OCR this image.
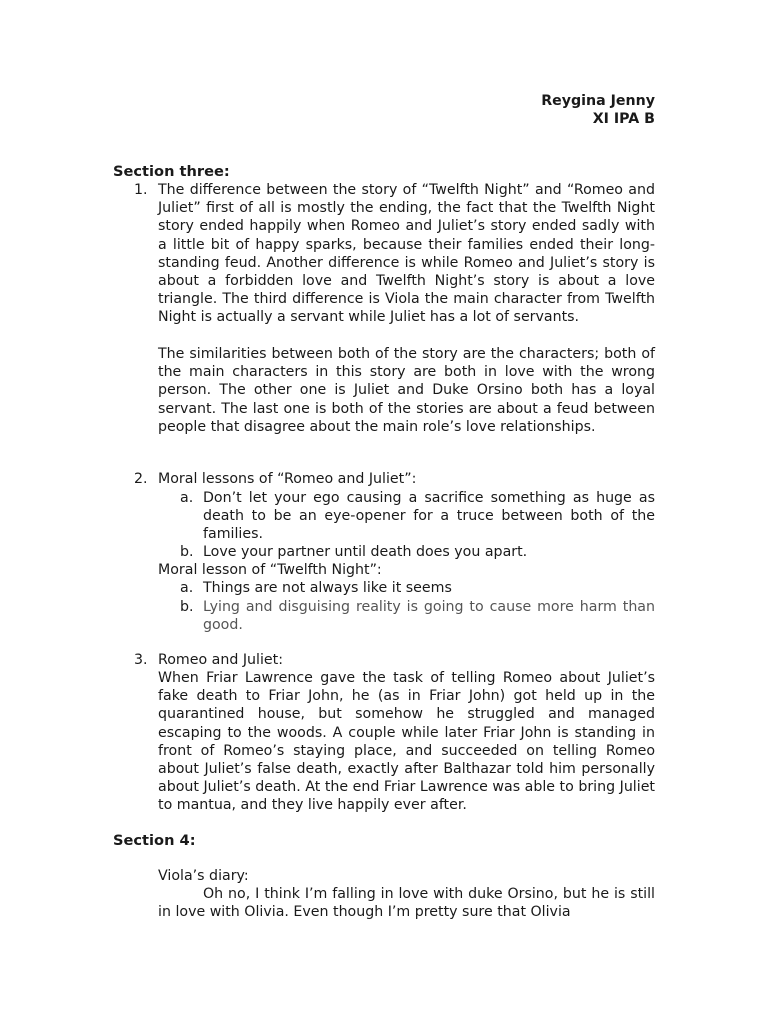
Reygina Jenny
XI IPA B
Section three:
1. The difference between the story of “Twelfth Night” and “Romeo and Juliet” first of all is mostly the ending, the fact that the Twelfth Night story ended happily when Romeo and Juliet’s story ended sadly with a little bit of happy sparks, because their families ended their long-standing feud. Another difference is while Romeo and Juliet’s story is about a forbidden love and Twelfth Night’s story is about a love triangle. The third difference is Viola the main character from Twelfth Night is actually a servant while Juliet has a lot of servants.
The similarities between both of the story are the characters; both of the main characters in this story are both in love with the wrong person. The other one is Juliet and Duke Orsino both has a loyal servant. The last one is both of the stories are about a feud between people that disagree about the main role’s love relationships.
2. Moral lessons of “Romeo and Juliet”:
a. Don’t let your ego causing a sacrifice something as huge as death to be an eye-opener for a truce between both of the families.
b. Love your partner until death does you apart.
Moral lesson of “Twelfth Night”:
a. Things are not always like it seems
b. Lying and disguising reality is going to cause more harm than good.
3. Romeo and Juliet:
When Friar Lawrence gave the task of telling Romeo about Juliet’s fake death to Friar John, he (as in Friar John) got held up in the quarantined house, but somehow he struggled and managed escaping to the woods. A couple while later Friar John is standing in front of Romeo’s staying place, and succeeded on telling Romeo about Juliet’s false death, exactly after Balthazar told him personally about Juliet’s death. At the end Friar Lawrence was able to bring Juliet to mantua, and they live happily ever after.
Section 4:
Viola’s diary:
Oh no, I think I’m falling in love with duke Orsino, but he is still in love with Olivia. Even though I’m pretty sure that Olivia
